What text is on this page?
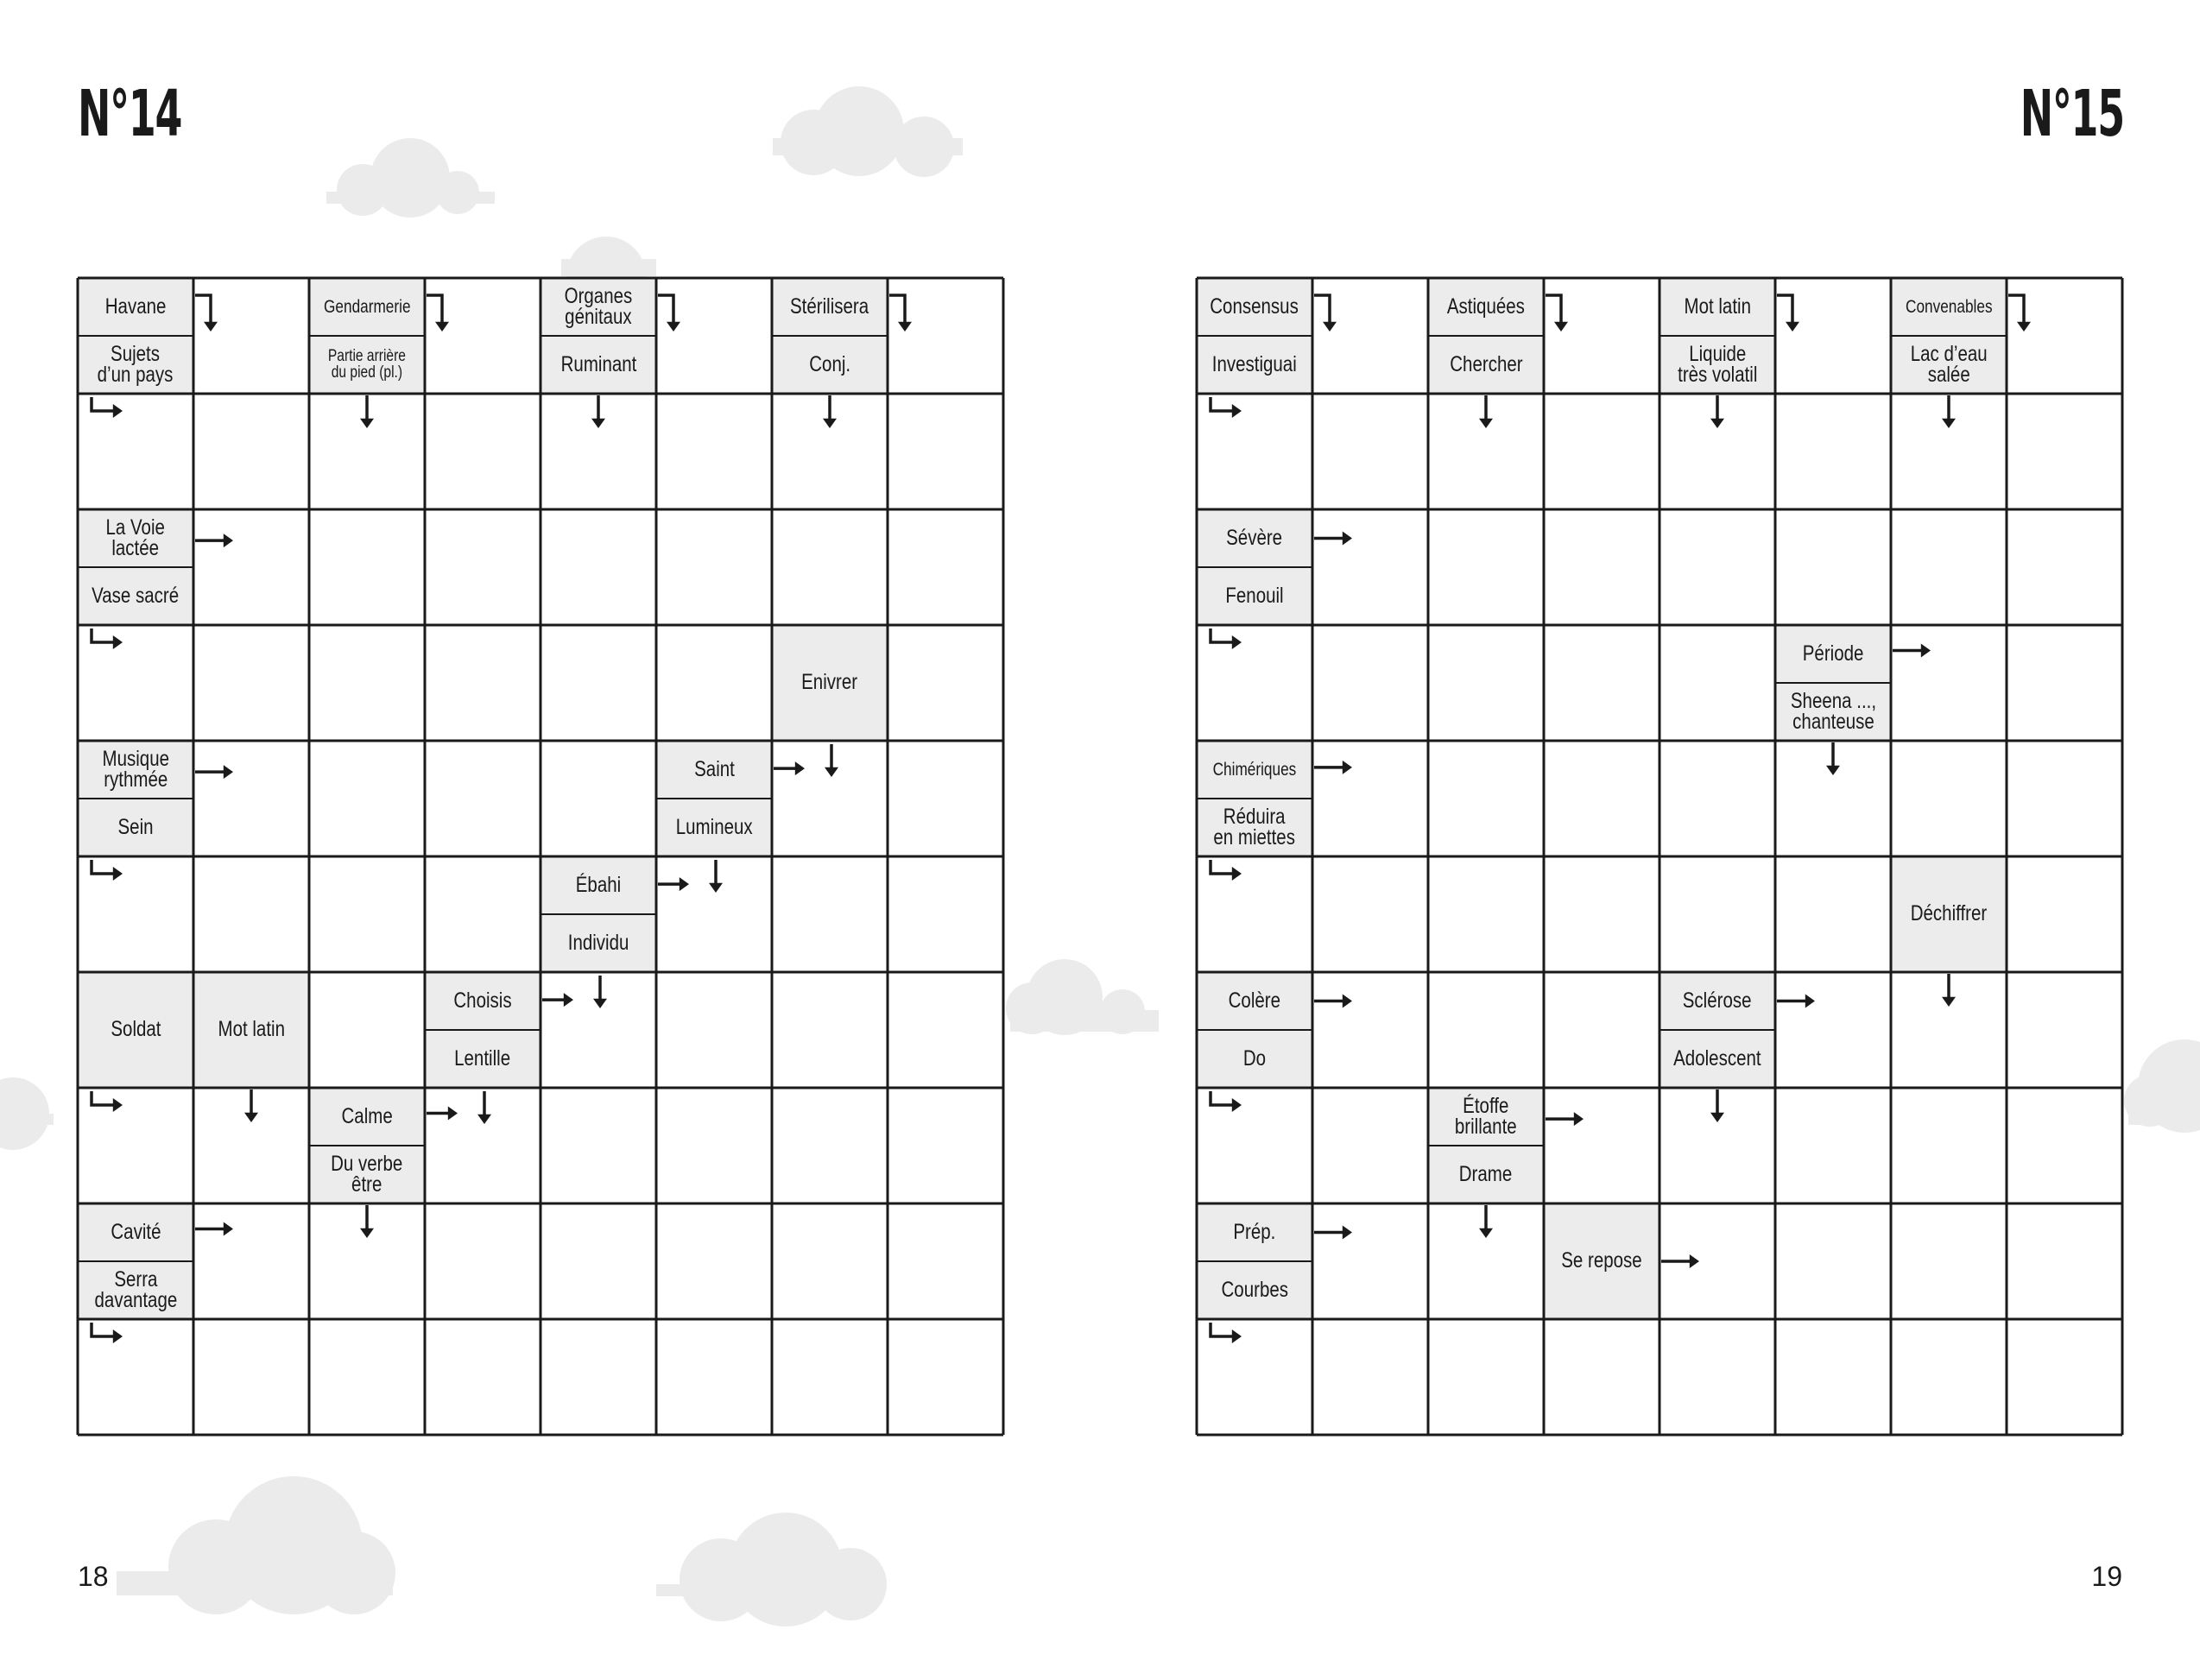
N°14	N°15
Havane
Sujets
d’un pays
Gendarmerie
Partie arrière
du pied (pl.)
Organes
génitaux
Ruminant
Stérilisera
Conj.
La Voie
lactée
Vase sacré
Enivrer
Musique
rythmée
Sein
Saint
Lumineux
Ébahi
Individu
Soldat	Mot latin
Choisis
Lentille
Calme
Du verbe
être
Cavité
Serra
davantage
Consensus
Investiguai
Astiquées
Chercher
Mot latin
Liquide
très volatil
Convenables
Lac d’eau
salée
Sévère
Fenouil
Période
Sheena ...,
chanteuse
Chimériques
Réduira
en miettes
Déchiffrer
Colère
Do
Sclérose
Adolescent
Étoffe
brillante
Drame
Prép.
Courbes
Se repose
18	19
